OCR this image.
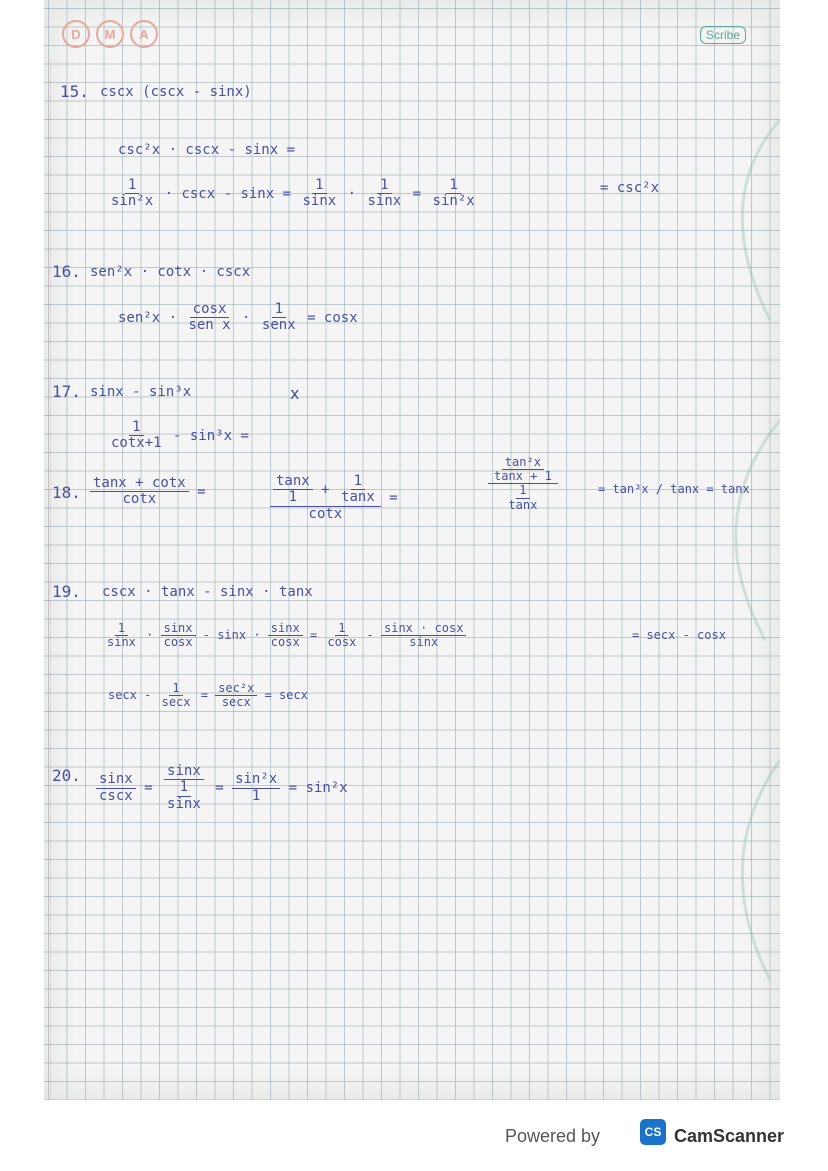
D	M	A	Scribe
15. cscx (cscx - sinx)
csc²x · cscx - sinx =
$\frac{1}{\text{sin²x}} \cdot \csc x - \sin x = \frac{1}{\sin x} \cdot \frac{1}{\sin x} = \frac{1}{\text{sin²x}}$	= csc²x
16. sen²x · cotx · cscx
$sen^2x \cdot \frac{\cos x}{\text{sen x}} \cdot \frac{1}{\text{senx}} = \cos x$
17. sinx - sin³x	x
$\frac{1}{\cot x+1} - \sin^3x$ =
18. $\frac{\tan x + \cot x}{\cot x}$ =	$\frac{\frac{\tan x}{1} + \frac{1}{\tan x}}{\cot x}$ =	$\frac{\frac{\text{tan²x}}{\tan x + 1}}{\frac{1}{\tan x}}$	= tan³x / tanx = tanx
19. cscx · tanx - sinx · tanx
$\frac{1}{\sin x} \cdot \frac{\sin x}{\cos x} - \sin x \cdot \frac{\sin x}{\cos x} = \frac{1}{\cos x} - \frac{\sin x \cdot \cos x}{\sin x}$	= secx - cosx
$\sec x - \frac{1}{\sec x} = \frac{\text{sec²x}}{\sec x} = \sec x$
20. $\frac{\sin x}{\csc x} = \frac{\sin x}{\frac{1}{\sin x}} = \frac{\text{sin²x}}{1} = \sin^2x$
Powered by	CS CamScanner
